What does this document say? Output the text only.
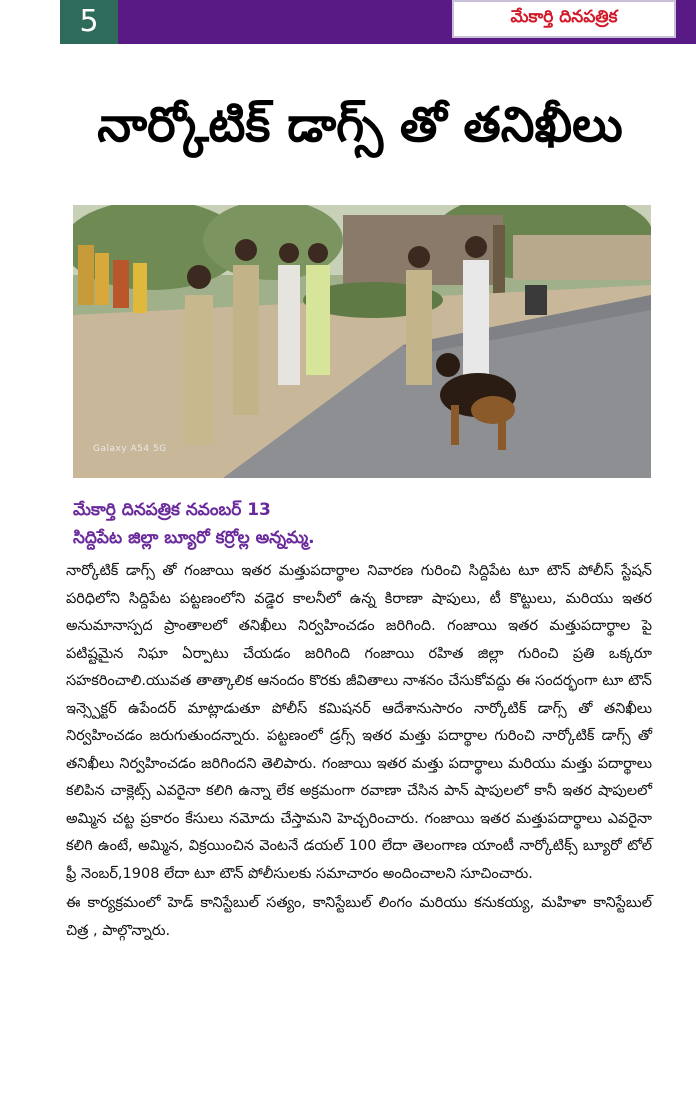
5	మేకార్తి దినపత్రిక
నార్కోటిక్ డాగ్స్ తో తనిఖీలు
Galaxy A54 5G
మేకార్తి దినపత్రిక నవంబర్ 13
సిద్దిపేట జిల్లా బ్యూరో కర్రోల్ల అన్నమ్మ.

నార్కోటిక్ డాగ్స్ తో గంజాయి ఇతర మత్తుపదార్థాల నివారణ గురించి సిద్దిపేట టూ టౌన్ పోలీస్ స్టేషన్ పరిధిలోని సిద్దిపేట పట్టణంలోని వడ్డెర కాలనీలో ఉన్న కిరాణా షాపులు, టీ కొట్టులు, మరియు ఇతర అనుమానాస్పద ప్రాంతాలలో తనిఖీలు నిర్వహించడం జరిగింది. గంజాయి ఇతర మత్తుపదార్థాల పై పటిష్టమైన నిఘా ఏర్పాటు చేయడం జరిగింది గంజాయి రహిత జిల్లా గురించి ప్రతి ఒక్కరూ సహకరించాలి.యువత తాత్కాలిక ఆనందం కొరకు జీవితాలు నాశనం చేసుకోవద్దు ఈ సందర్భంగా టూ టౌన్ ఇన్స్పెక్టర్ ఉపేందర్ మాట్లాడుతూ పోలీస్ కమిషనర్ ఆదేశానుసారం నార్కోటిక్ డాగ్స్ తో తనిఖీలు నిర్వహించడం జరుగుతుందన్నారు. పట్టణంలో డ్రగ్స్ ఇతర మత్తు పదార్థాల గురించి నార్కోటిక్ డాగ్స్ తో తనిఖీలు నిర్వహించడం జరిగిందని తెలిపారు. గంజాయి ఇతర మత్తు పదార్థాలు మరియు మత్తు పదార్థాలు కలిపిన చాక్లెట్స్ ఎవరైనా కలిగి ఉన్నా లేక అక్రమంగా రవాణా చేసిన పాన్ షాపులలో కానీ ఇతర షాపులలో అమ్మిన చట్ట ప్రకారం కేసులు నమోదు చేస్తామని హెచ్చరించారు. గంజాయి ఇతర మత్తుపదార్థాలు ఎవరైనా కలిగి ఉంటే, అమ్మిన, విక్రయించిన వెంటనే డయల్ 100 లేదా తెలంగాణ యాంటీ నార్కోటిక్స్ బ్యూరో టోల్ ఫ్రీ నెంబర్,1908 లేదా టూ టౌన్ పోలీసులకు సమాచారం అందించాలని సూచించారు.

ఈ కార్యక్రమంలో హెడ్ కానిస్టేబుల్ సత్యం, కానిస్టేబుల్ లింగం మరియు కనుకయ్య, మహిళా కానిస్టేబుల్ చిత్ర , పాల్గొన్నారు.
